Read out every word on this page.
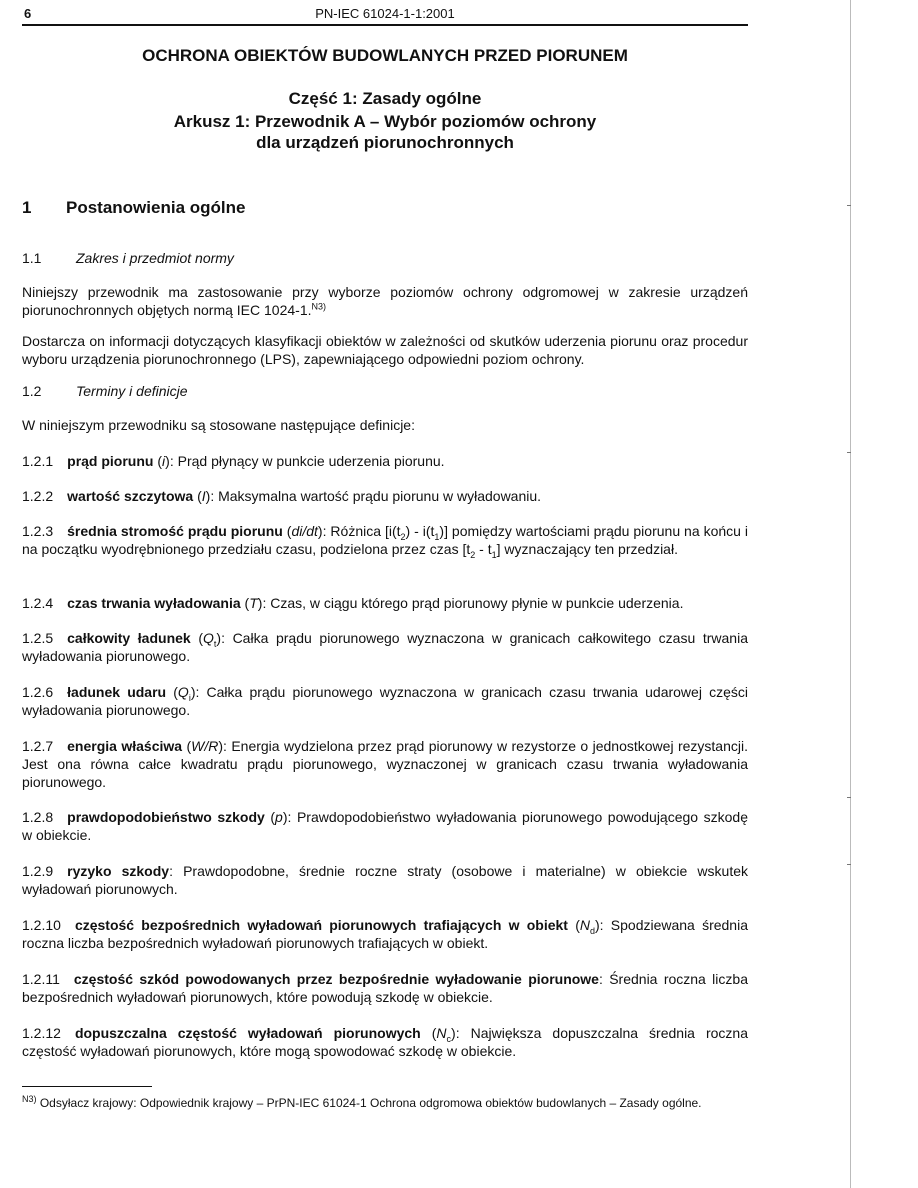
6	PN-IEC 61024-1-1:2001
OCHRONA OBIEKTÓW BUDOWLANYCH PRZED PIORUNEM
Część 1: Zasady ogólne
Arkusz 1: Przewodnik A – Wybór poziomów ochrony
dla urządzeń piorunochronnych
1 Postanowienia ogólne
1.1 Zakres i przedmiot normy
Niniejszy przewodnik ma zastosowanie przy wyborze poziomów ochrony odgromowej w zakresie urządzeń piorunochronnych objętych normą IEC 1024-1.$^{N3)}$
Dostarcza on informacji dotyczących klasyfikacji obiektów w zależności od skutków uderzenia piorunu oraz procedur wyboru urządzenia piorunochronnego (LPS), zapewniającego odpowiedni poziom ochrony.
1.2 Terminy i definicje
W niniejszym przewodniku są stosowane następujące definicje:
1.2.1 prąd piorunu (i): Prąd płynący w punkcie uderzenia piorunu.
1.2.2 wartość szczytowa (I): Maksymalna wartość prądu piorunu w wyładowaniu.
1.2.3 średnia stromość prądu piorunu (di/dt): Różnica $[i(t_2) - i(t_1)]$ pomiędzy wartościami prądu piorunu na końcu i na początku wyodrębnionego przedziału czasu, podzielona przez czas $[t_2 - t_1]$ wyznaczający ten przedział.
1.2.4 czas trwania wyładowania (T): Czas, w ciągu którego prąd piorunowy płynie w punkcie uderzenia.
1.2.5 całkowity ładunek $(Q_t)$: Całka prądu piorunowego wyznaczona w granicach całkowitego czasu trwania wyładowania piorunowego.
1.2.6 ładunek udaru $(Q_i)$: Całka prądu piorunowego wyznaczona w granicach czasu trwania udarowej części wyładowania piorunowego.
1.2.7 energia właściwa (W/R): Energia wydzielona przez prąd piorunowy w rezystorze o jednostkowej rezystancji. Jest ona równa całce kwadratu prądu piorunowego, wyznaczonej w granicach czasu trwania wyładowania piorunowego.
1.2.8 prawdopodobieństwo szkody (p): Prawdopodobieństwo wyładowania piorunowego powodującego szkodę w obiekcie.
1.2.9 ryzyko szkody: Prawdopodobne, średnie roczne straty (osobowe i materialne) w obiekcie wskutek wyładowań piorunowych.
1.2.10 częstość bezpośrednich wyładowań piorunowych trafiających w obiekt $(N_d)$: Spodziewana średnia roczna liczba bezpośrednich wyładowań piorunowych trafiających w obiekt.
1.2.11 częstość szkód powodowanych przez bezpośrednie wyładowanie piorunowe: Średnia roczna liczba bezpośrednich wyładowań piorunowych, które powodują szkodę w obiekcie.
1.2.12 dopuszczalna częstość wyładowań piorunowych $(N_c)$: Największa dopuszczalna średnia roczna częstość wyładowań piorunowych, które mogą spowodować szkodę w obiekcie.
$^{N3)}$ Odsyłacz krajowy: Odpowiednik krajowy – PrPN-IEC 61024-1 Ochrona odgromowa obiektów budowlanych – Zasady ogólne.
